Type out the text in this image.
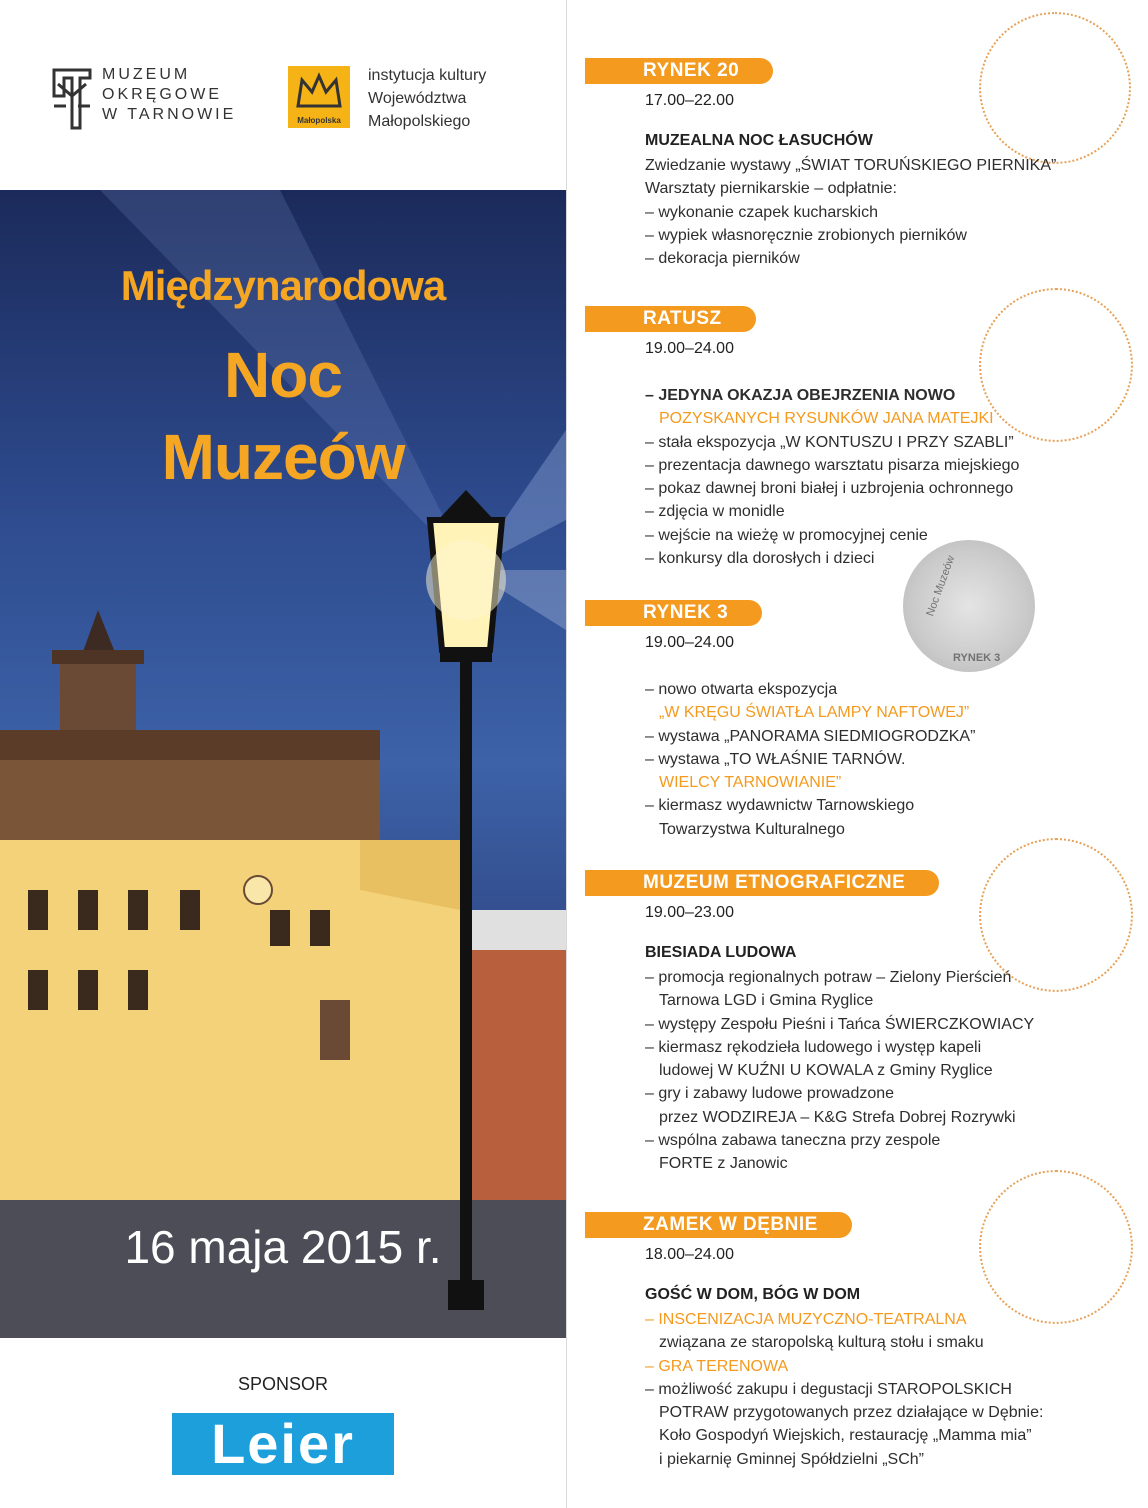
MUZEUM
OKRĘGOWE
W TARNOWIE	Małopolska
instytucja kultury
Województwa
Małopolskiego
Międzynarodowa
Noc
Muzeów
16 maja 2015 r.
SPONSOR
Leier
Noc Muzeów
RYNEK 3
RYNEK 20
17.00–22.00
MUZEALNA NOC ŁASUCHÓW
Zwiedzanie wystawy „ŚWIAT TORUŃSKIEGO PIERNIKA”
Warsztaty piernikarskie – odpłatnie:
– wykonanie czapek kucharskich
– wypiek własnoręcznie zrobionych pierników
– dekoracja pierników
RATUSZ
19.00–24.00
– JEDYNA OKAZJA OBEJRZENIA NOWO
POZYSKANYCH RYSUNKÓW JANA MATEJKI
– stała ekspozycja „W KONTUSZU I PRZY SZABLI”
– prezentacja dawnego warsztatu pisarza miejskiego
– pokaz dawnej broni białej i uzbrojenia ochronnego
– zdjęcia w monidle
– wejście na wieżę w promocyjnej cenie
– konkursy dla dorosłych i dzieci
RYNEK 3
19.00–24.00
– nowo otwarta ekspozycja
„W KRĘGU ŚWIATŁA LAMPY NAFTOWEJ”
– wystawa „PANORAMA SIEDMIOGRODZKA”
– wystawa „TO WŁAŚNIE TARNÓW.
WIELCY TARNOWIANIE”
– kiermasz wydawnictw Tarnowskiego
Towarzystwa Kulturalnego
MUZEUM ETNOGRAFICZNE
19.00–23.00
BIESIADA LUDOWA
– promocja regionalnych potraw – Zielony Pierścień
Tarnowa LGD i Gmina Ryglice
– występy Zespołu Pieśni i Tańca ŚWIERCZKOWIACY
– kiermasz rękodzieła ludowego i występ kapeli
ludowej W KUŹNI U KOWALA z Gminy Ryglice
– gry i zabawy ludowe prowadzone
przez WODZIREJA – K&G Strefa Dobrej Rozrywki
– wspólna zabawa taneczna przy zespole
FORTE z Janowic
ZAMEK W DĘBNIE
18.00–24.00
GOŚĆ W DOM, BÓG W DOM
– INSCENIZACJA MUZYCZNO-TEATRALNA
związana ze staropolską kulturą stołu i smaku
– GRA TERENOWA
– możliwość zakupu i degustacji STAROPOLSKICH
POTRAW przygotowanych przez działające w Dębnie:
Koło Gospodyń Wiejskich, restaurację „Mamma mia”
i piekarnię Gminnej Spółdzielni „SCh”
